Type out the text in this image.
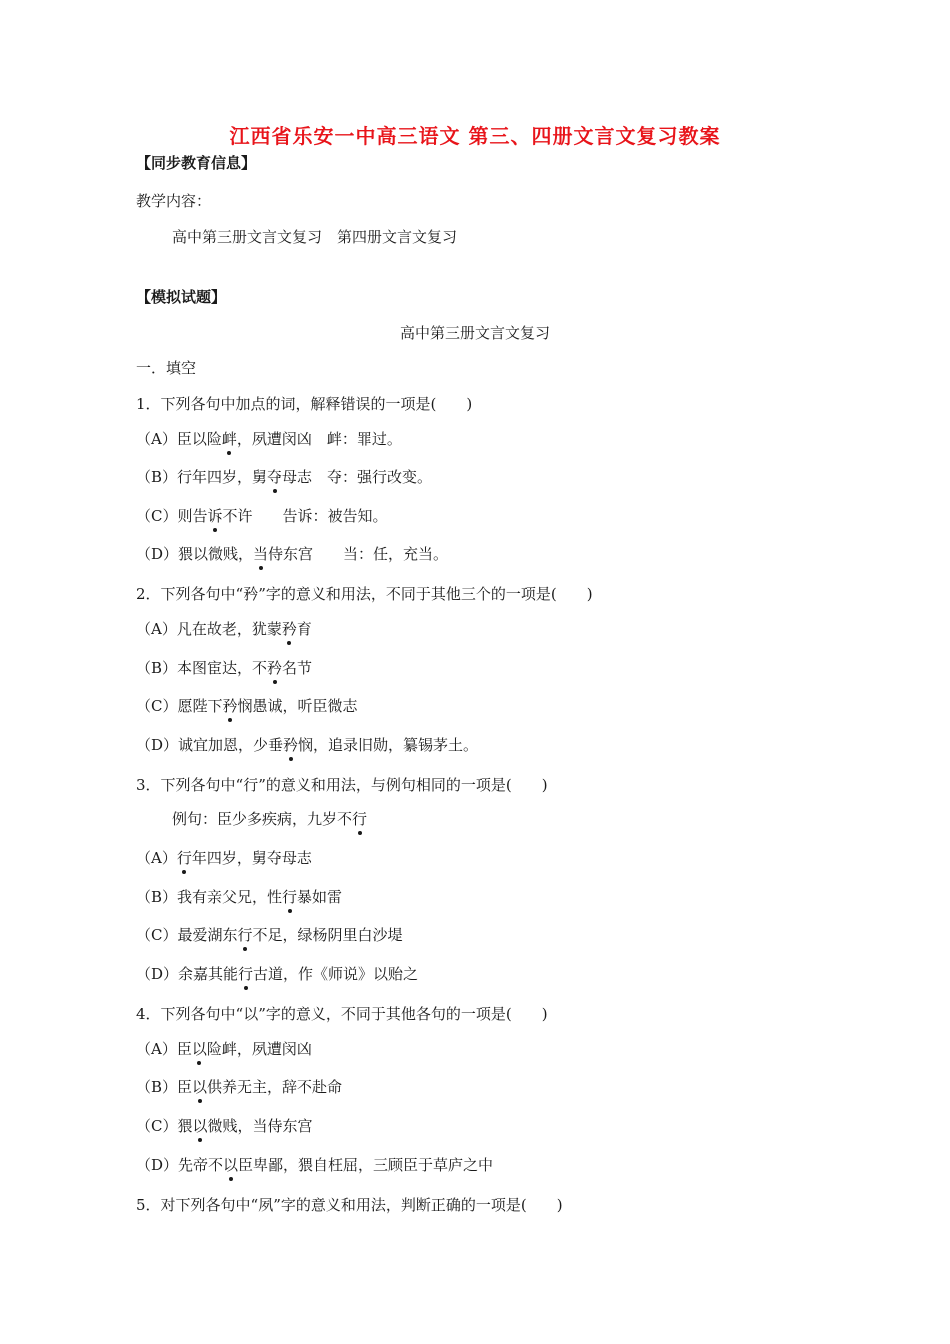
江西省乐安一中高三语文 第三、四册文言文复习教案
【同步教育信息】
教学内容：
高中第三册文言文复习　第四册文言文复习
【模拟试题】
高中第三册文言文复习
一．填空
1．下列各句中加点的词，解释错误的一项是(　　)
（A）臣以险衅，夙遭闵凶　衅：罪过。
（B）行年四岁，舅夺母志　夺：强行改变。
（C）则告诉不许　　告诉：被告知。
（D）猥以微贱，当侍东宫　　当：任，充当。
2．下列各句中“矜”字的意义和用法，不同于其他三个的一项是(　　)
（A）凡在故老，犹蒙矜育
（B）本图宦达，不矜名节
（C）愿陛下矜悯愚诚，听臣微志
（D）诚宜加恩，少垂矜悯，追录旧勋，纂锡茅土。
3．下列各句中“行”的意义和用法，与例句相同的一项是(　　)
例句：臣少多疾病，九岁不行
（A）行年四岁，舅夺母志
（B）我有亲父兄，性行暴如雷
（C）最爱湖东行不足，绿杨阴里白沙堤
（D）余嘉其能行古道，作《师说》以贻之
4．下列各句中“以”字的意义，不同于其他各句的一项是(　　)
（A）臣以险衅，夙遭闵凶
（B）臣以供养无主，辞不赴命
（C）猥以微贱，当侍东宫
（D）先帝不以臣卑鄙，猥自枉屈，三顾臣于草庐之中
5．对下列各句中“夙”字的意义和用法，判断正确的一项是(　　)
